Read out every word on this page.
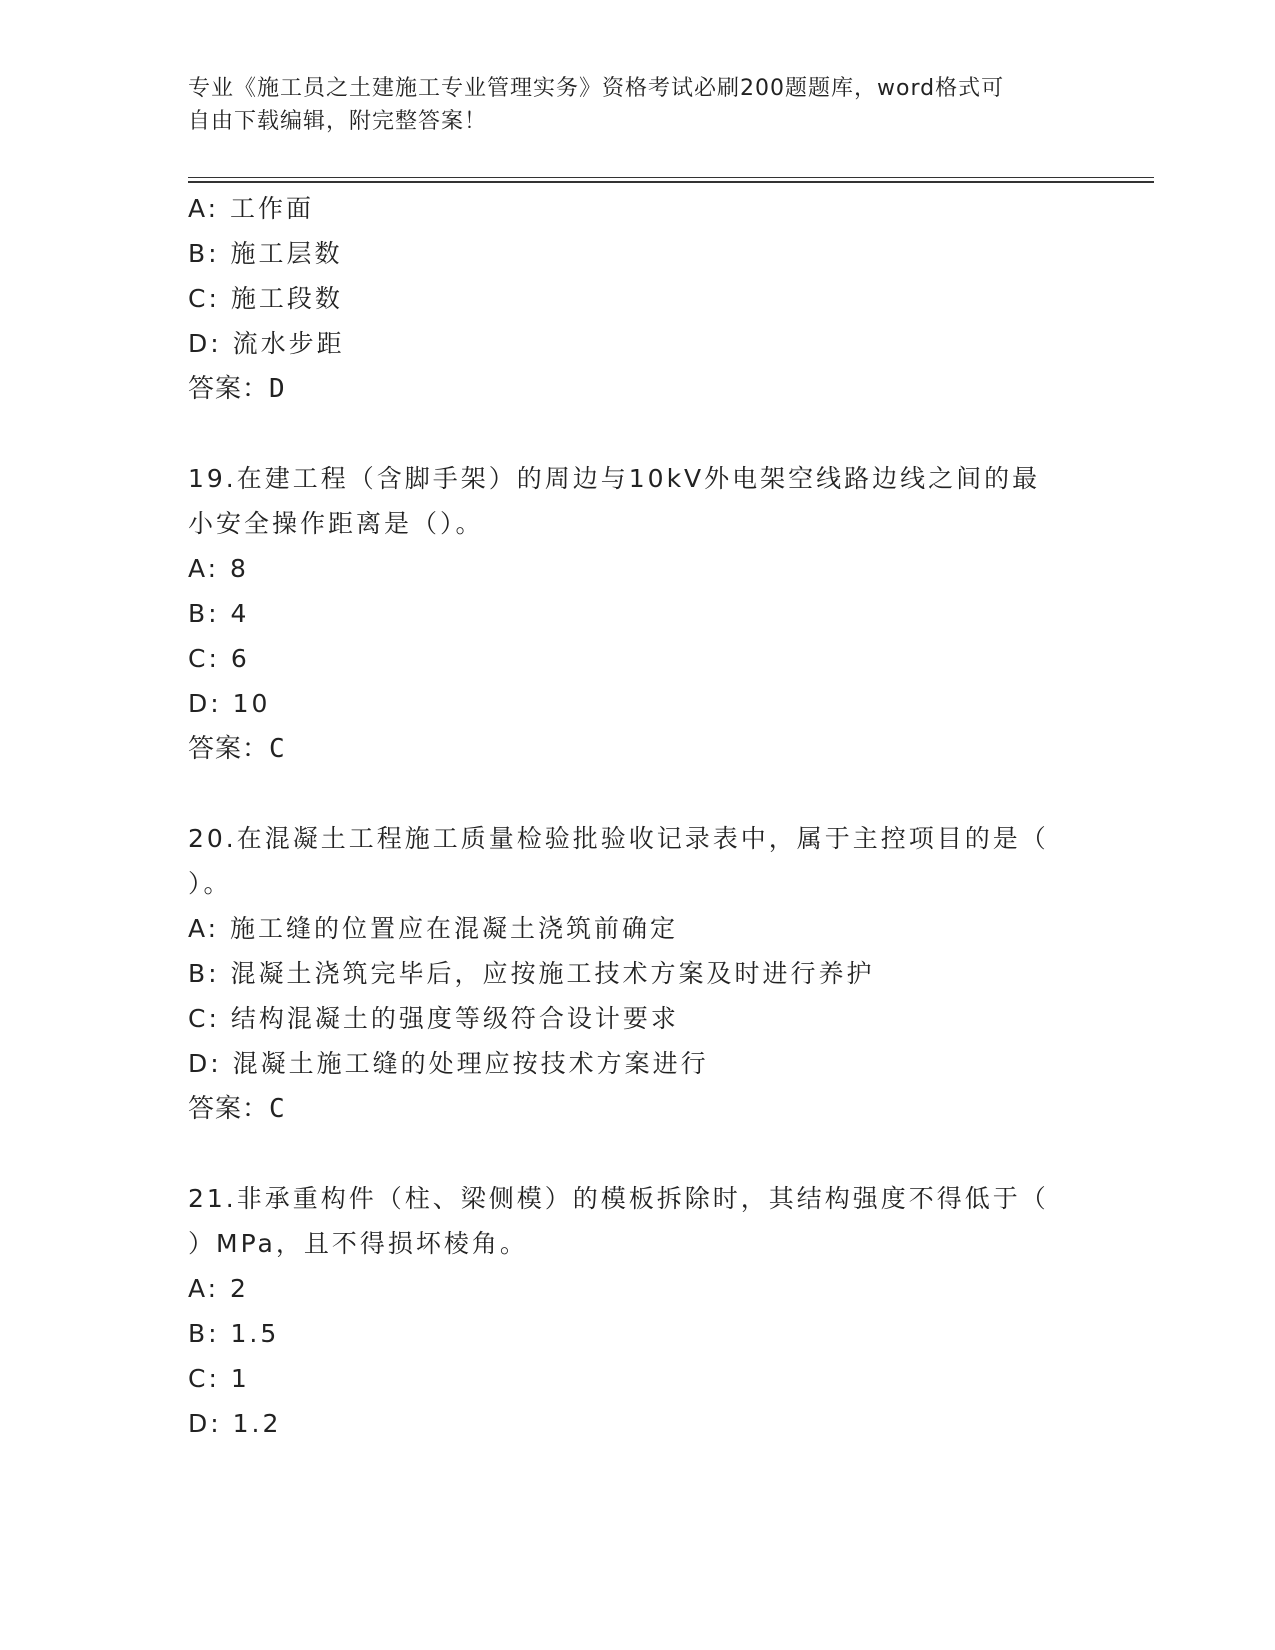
专业《施工员之土建施工专业管理实务》资格考试必刷200题题库，word格式可
自由下载编辑，附完整答案！
A: 工作面
B: 施工层数
C: 施工段数
D: 流水步距
答案：D
19.在建工程（含脚手架）的周边与10kV外电架空线路边线之间的最
小安全操作距离是（）。
A: 8
B: 4
C: 6
D: 10
答案：C
20.在混凝土工程施工质量检验批验收记录表中，属于主控项目的是（
）。
A: 施工缝的位置应在混凝土浇筑前确定
B: 混凝土浇筑完毕后，应按施工技术方案及时进行养护
C: 结构混凝土的强度等级符合设计要求
D: 混凝土施工缝的处理应按技术方案进行
答案：C
21.非承重构件（柱、梁侧模）的模板拆除时，其结构强度不得低于（
）MPa，且不得损坏棱角。
A: 2
B: 1.5
C: 1
D: 1.2
